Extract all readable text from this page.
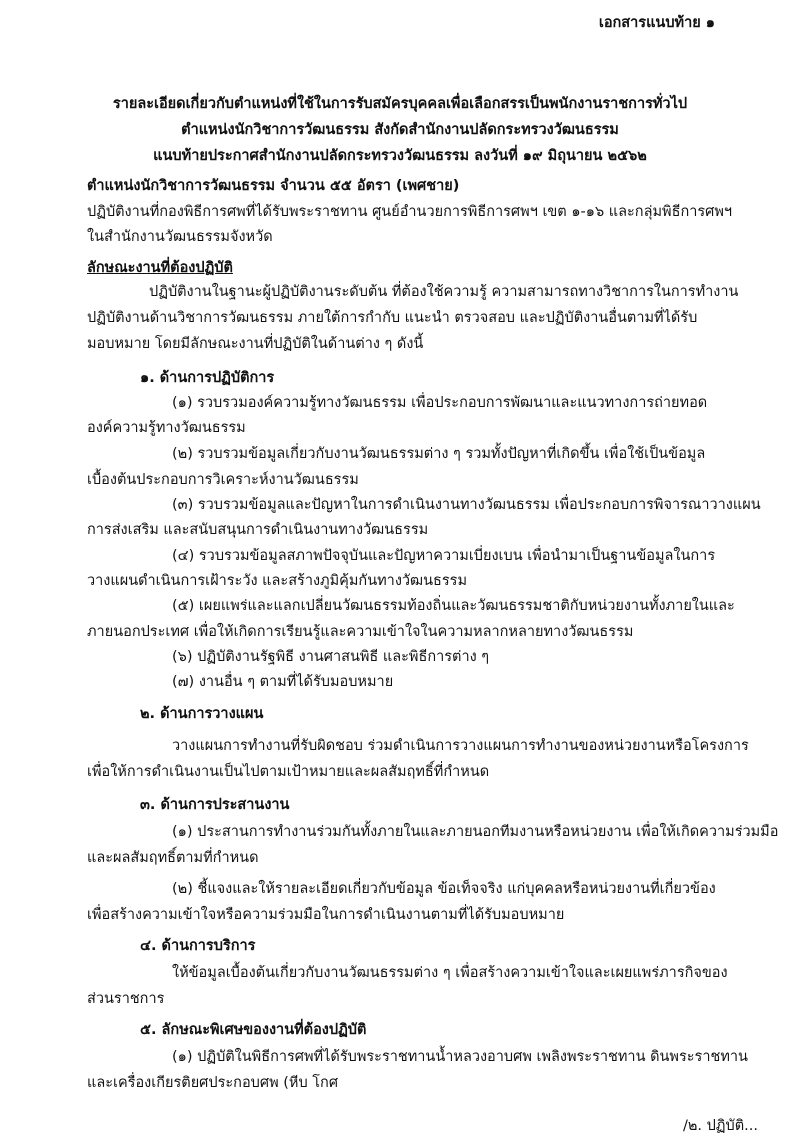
เอกสารแนบท้าย ๑
รายละเอียดเกี่ยวกับตำแหน่งที่ใช้ในการรับสมัครบุคคลเพื่อเลือกสรรเป็นพนักงานราชการทั่วไป
ตำแหน่งนักวิชาการวัฒนธรรม สังกัดสำนักงานปลัดกระทรวงวัฒนธรรม
แนบท้ายประกาศสำนักงานปลัดกระทรวงวัฒนธรรม ลงวันที่ ๑๙ มิถุนายน ๒๕๖๒
ตำแหน่งนักวิชาการวัฒนธรรม จำนวน ๕๕ อัตรา (เพศชาย)
ปฏิบัติงานที่กองพิธีการศพที่ได้รับพระราชทาน ศูนย์อำนวยการพิธีการศพฯ เขต ๑-๑๖ และกลุ่มพิธีการศพฯ
ในสำนักงานวัฒนธรรมจังหวัด
ลักษณะงานที่ต้องปฏิบัติ
ปฏิบัติงานในฐานะผู้ปฏิบัติงานระดับต้น ที่ต้องใช้ความรู้ ความสามารถทางวิชาการในการทำงาน
ปฏิบัติงานด้านวิชาการวัฒนธรรม ภายใต้การกำกับ แนะนำ ตรวจสอบ และปฏิบัติงานอื่นตามที่ได้รับ
มอบหมาย โดยมีลักษณะงานที่ปฏิบัติในด้านต่าง ๆ ดังนี้
๑. ด้านการปฏิบัติการ
(๑) รวบรวมองค์ความรู้ทางวัฒนธรรม เพื่อประกอบการพัฒนาและแนวทางการถ่ายทอด
องค์ความรู้ทางวัฒนธรรม
(๒) รวบรวมข้อมูลเกี่ยวกับงานวัฒนธรรมต่าง ๆ รวมทั้งปัญหาที่เกิดขึ้น เพื่อใช้เป็นข้อมูล
เบื้องต้นประกอบการวิเคราะห์งานวัฒนธรรม
(๓) รวบรวมข้อมูลและปัญหาในการดำเนินงานทางวัฒนธรรม เพื่อประกอบการพิจารณาวางแผน
การส่งเสริม และสนับสนุนการดำเนินงานทางวัฒนธรรม
(๔) รวบรวมข้อมูลสภาพปัจจุบันและปัญหาความเบี่ยงเบน เพื่อนำมาเป็นฐานข้อมูลในการ
วางแผนดำเนินการเฝ้าระวัง และสร้างภูมิคุ้มกันทางวัฒนธรรม
(๕) เผยแพร่และแลกเปลี่ยนวัฒนธรรมท้องถิ่นและวัฒนธรรมชาติกับหน่วยงานทั้งภายในและ
ภายนอกประเทศ เพื่อให้เกิดการเรียนรู้และความเข้าใจในความหลากหลายทางวัฒนธรรม
(๖) ปฏิบัติงานรัฐพิธี งานศาสนพิธี และพิธีการต่าง ๆ
(๗) งานอื่น ๆ ตามที่ได้รับมอบหมาย
๒. ด้านการวางแผน
วางแผนการทำงานที่รับผิดชอบ ร่วมดำเนินการวางแผนการทำงานของหน่วยงานหรือโครงการ
เพื่อให้การดำเนินงานเป็นไปตามเป้าหมายและผลสัมฤทธิ์ที่กำหนด
๓. ด้านการประสานงาน
(๑) ประสานการทำงานร่วมกันทั้งภายในและภายนอกทีมงานหรือหน่วยงาน เพื่อให้เกิดความร่วมมือ
และผลสัมฤทธิ์ตามที่กำหนด
(๒) ชี้แจงและให้รายละเอียดเกี่ยวกับข้อมูล ข้อเท็จจริง แก่บุคคลหรือหน่วยงานที่เกี่ยวข้อง
เพื่อสร้างความเข้าใจหรือความร่วมมือในการดำเนินงานตามที่ได้รับมอบหมาย
๔. ด้านการบริการ
ให้ข้อมูลเบื้องต้นเกี่ยวกับงานวัฒนธรรมต่าง ๆ เพื่อสร้างความเข้าใจและเผยแพร่ภารกิจของ
ส่วนราชการ
๕. ลักษณะพิเศษของงานที่ต้องปฏิบัติ
(๑) ปฏิบัติในพิธีการศพที่ได้รับพระราชทานน้ำหลวงอาบศพ เพลิงพระราชทาน ดินพระราชทาน
และเครื่องเกียรติยศประกอบศพ (หีบ โกศ
/๒. ปฏิบัติ...
